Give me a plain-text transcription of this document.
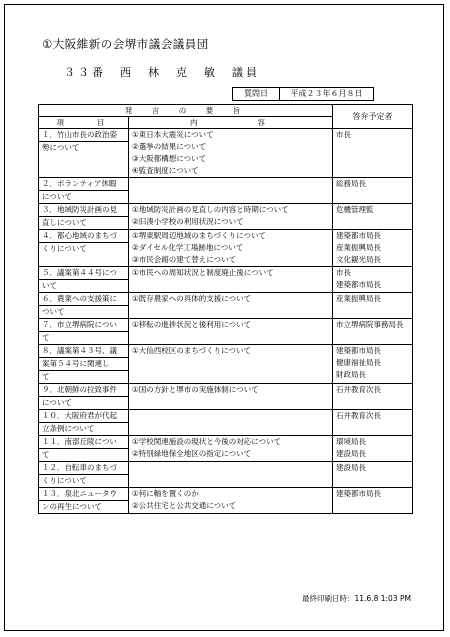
①大阪維新の会堺市議会議員団
３３番　西　林　克　敏　議員
質問日	平成２３年６月８日
発　言　の　要　旨		答弁予定者
項　　目	内　　　　容	

１．竹山市長の政治姿
勢について	①東日本大震災について
②選挙の結果について
③大阪都構想について
④監査制度について	市長

２．ボランティア休暇
について		総務局長

３．地域防災計画の見
直しについて	①地域防災計画の見直しの内容と時期について
②旧湊小学校の利用状況について	危機管理監

４．都心地域のまちづ
くりについて	①堺東駅周辺地域のまちづくりについて
②ダイセル化学工場跡地について
③市民会館の建て替えについて	建築都市局長
産業振興局長
文化観光局長

５．議案第４４号につ
いて	①市民への周知状況と制度廃止後について	市長
建築都市局長

６．農業への支援策に
ついて	①既存農家への具体的支援について	産業振興局長

７．市立堺病院につい
て	①移転の進捗状況と後利用について	市立堺病院事務局長

８．議案第４３号、議
案第５４号に関連し
て	①大仙西校区のまちづくりについて	建築都市局長
健康福祉局長
財政局長

９．北朝鮮の拉致事件
について	①国の方針と堺市の実施体制について	石井教育次長

１０．大阪府君が代起
立条例について		石井教育次長

１１．南部丘陵につい
て	①学校関連施設の現状と今後の対応について
②特別緑地保全地区の指定について	環境局長
建設局長

１２．自転車のまちづ
くりについて		建設局長

１３．泉北ニュータウ
ンの再生について	①何に軸を置くのか
②公共住宅と公共交通について	建築都市局長
最終印刷日時：11.6.8 1:03 PM
